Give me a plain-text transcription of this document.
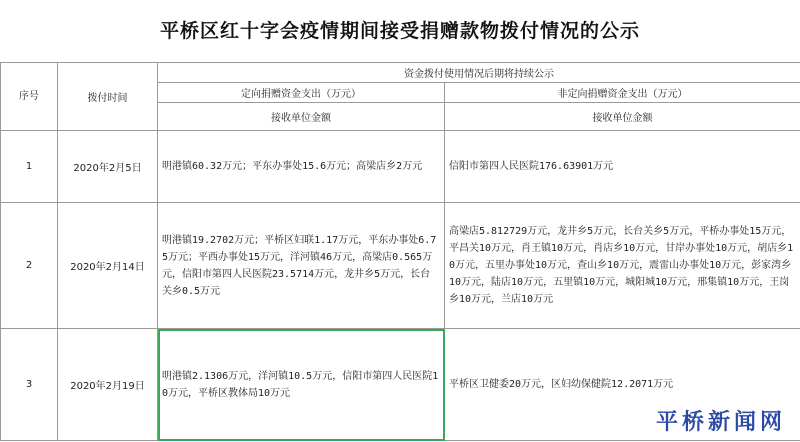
平桥区红十字会疫情期间接受捐赠款物拨付情况的公示
序号	拨付时间	资金拨付使用情况后期将持续公示	
		定向捐赠资金支出（万元）	非定向捐赠资金支出（万元）
		接收单位金额	接收单位金额
1	2020年2月5日	明港镇60.32万元；平东办事处15.6万元；高梁店乡2万元	信阳市第四人民医院176.63901万元
2	2020年2月14日	明港镇19.2702万元；平桥区妇联1.17万元，平东办事处6.75万元；平西办事处15万元，洋河镇46万元，高梁店0.565万元，信阳市第四人民医院23.5714万元，龙井乡5万元，长台关乡0.5万元	高梁店5.812729万元，龙井乡5万元，长台关乡5万元，平桥办事处15万元，平昌关10万元，肖王镇10万元，肖店乡10万元，甘岸办事处10万元，胡店乡10万元，五里办事处10万元，查山乡10万元，震雷山办事处10万元，彭家湾乡10万元，陆店10万元，五里镇10万元，城阳城10万元，邢集镇10万元，王岗乡10万元，兰店10万元
3	2020年2月19日	明港镇2.1306万元，洋河镇10.5万元，信阳市第四人民医院10万元，平桥区教体局10万元	平桥区卫健委20万元，区妇幼保健院12.2071万元
平桥新闻网
